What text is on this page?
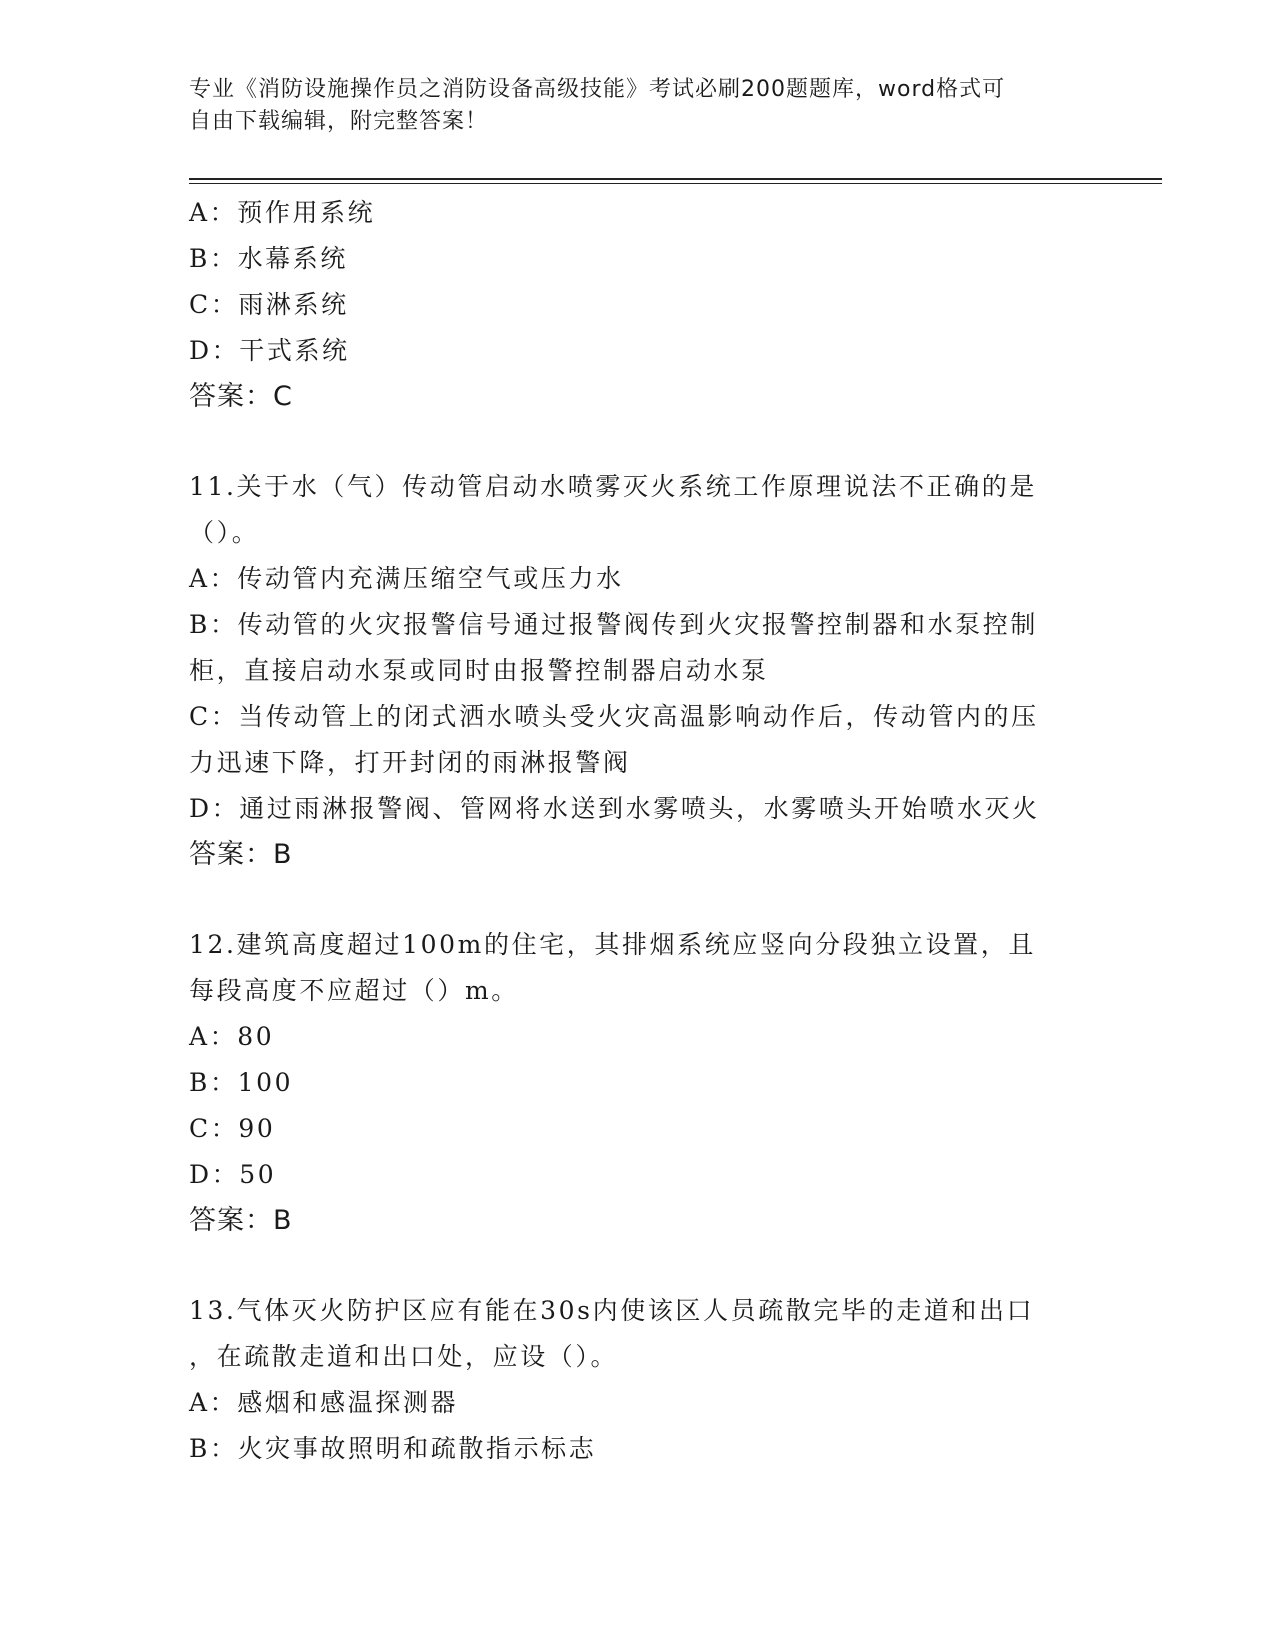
专业《消防设施操作员之消防设备高级技能》考试必刷200题题库，word格式可
自由下载编辑，附完整答案！
A：预作用系统
B：水幕系统
C：雨淋系统
D：干式系统
答案：C
11.关于水（气）传动管启动水喷雾灭火系统工作原理说法不正确的是
（）。
A：传动管内充满压缩空气或压力水
B：传动管的火灾报警信号通过报警阀传到火灾报警控制器和水泵控制
柜，直接启动水泵或同时由报警控制器启动水泵
C：当传动管上的闭式洒水喷头受火灾高温影响动作后，传动管内的压
力迅速下降，打开封闭的雨淋报警阀
D：通过雨淋报警阀、管网将水送到水雾喷头，水雾喷头开始喷水灭火
答案：B
12.建筑高度超过100m的住宅，其排烟系统应竖向分段独立设置，且
每段高度不应超过（）m。
A：80
B：100
C：90
D：50
答案：B
13.气体灭火防护区应有能在30s内使该区人员疏散完毕的走道和出口
，在疏散走道和出口处，应设（）。
A：感烟和感温探测器
B：火灾事故照明和疏散指示标志
